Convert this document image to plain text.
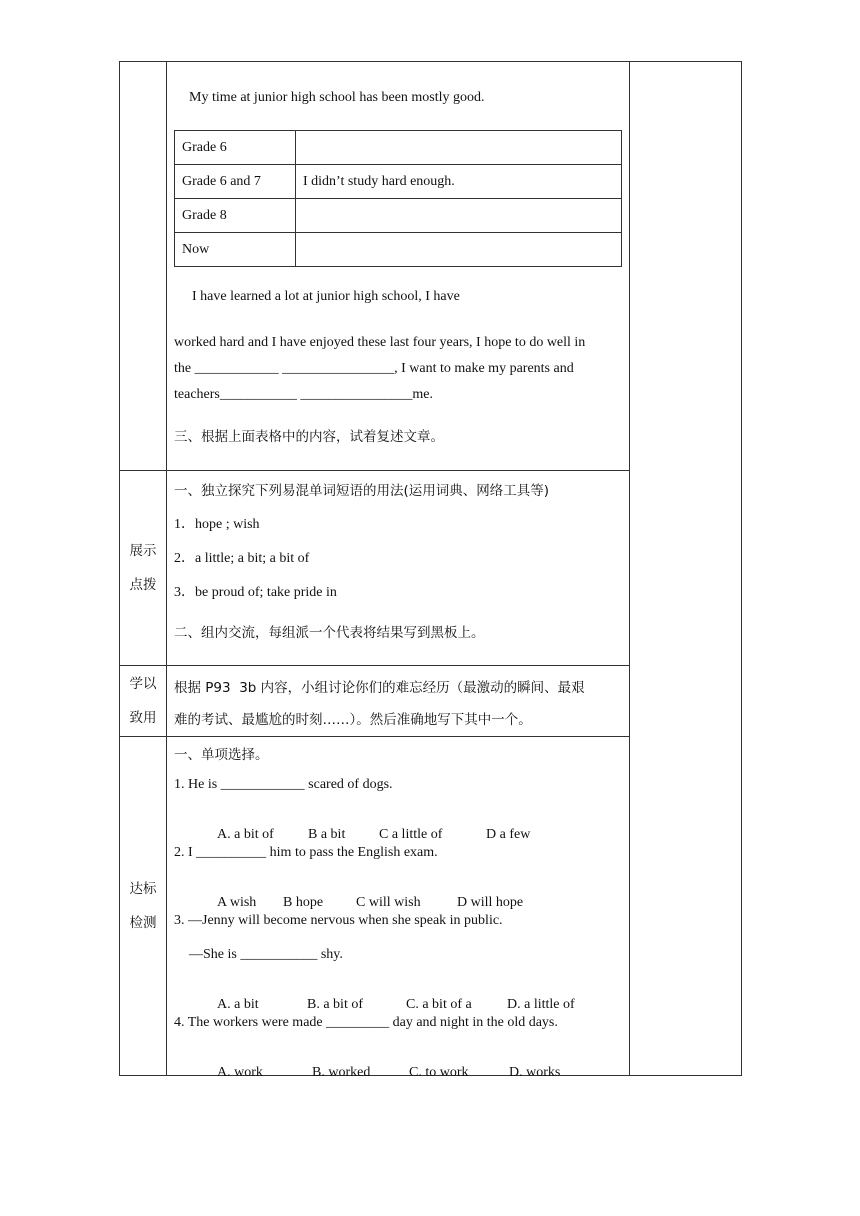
My time at junior high school has been mostly good.
Grade 6	
Grade 6 and 7	I didn’t study hard enough.
Grade 8	
Now	
I have learned a lot at junior high school, I have
worked hard and I have enjoyed these last four years, I hope to do well in
the ____________ ________________, I want to make my parents and
teachers___________ ________________me.
三、根据上面表格中的内容，试着复述文章。

展示
点拨

一、独立探究下列易混单词短语的用法(运用词典、网络工具等)
1．hope ; wish
2．a little; a bit; a bit of
3．be proud of; take pride in
二、组内交流，每组派一个代表将结果写到黑板上。

学以
致用

根据 P93  3b 内容，小组讨论你们的难忘经历（最激动的瞬间、最艰
难的考试、最尴尬的时刻……）。然后准确地写下其中一个。

达标
检测

一、单项选择。
1. He is ____________ scared of dogs.

A. a bit of B a bit C a little of	D a few

2. I __________ him to pass the English exam.

A wish B hope C will wish	D will hope

3. —Jenny will become nervous when she speak in public.
—She is ___________ shy.

A. a bit	B. a bit of	C. a bit of a	D. a little of

4. The workers were made _________ day and night in the old days.

A. work	B. worked	C. to work	D. works
